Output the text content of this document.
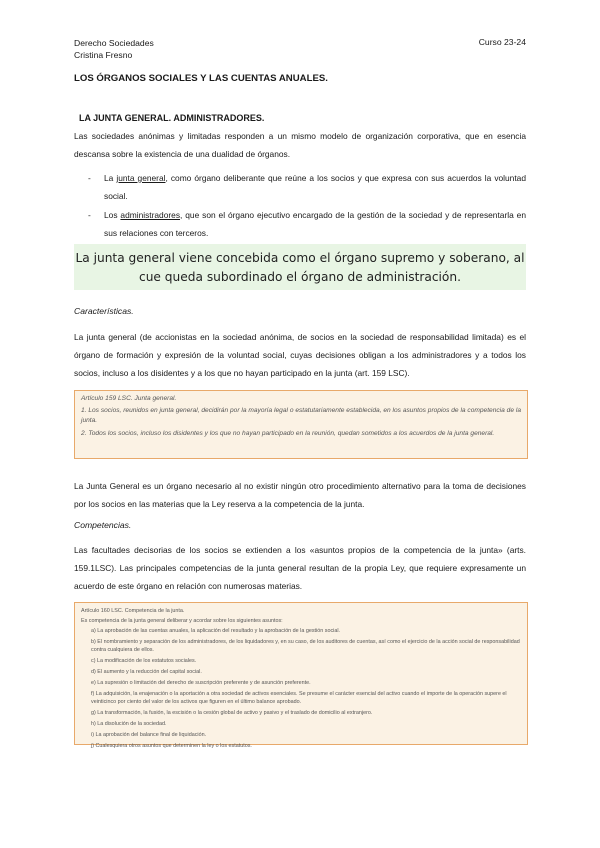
Derecho Sociedades
Cristina Fresno
Curso 23-24
LOS ÓRGANOS SOCIALES Y LAS CUENTAS ANUALES.
LA JUNTA GENERAL. ADMINISTRADORES.
Las sociedades anónimas y limitadas responden a un mismo modelo de organización corporativa, que en esencia descansa sobre la existencia de una dualidad de órganos.
-	La junta general, como órgano deliberante que reúne a los socios y que expresa con sus acuerdos la voluntad social.
-	Los administradores, que son el órgano ejecutivo encargado de la gestión de la sociedad y de representarla en sus relaciones con terceros.
La junta general viene concebida como el órgano supremo y soberano, al cue queda subordinado el órgano de administración.
Características.
La junta general (de accionistas en la sociedad anónima, de socios en la sociedad de responsabilidad limitada) es el órgano de formación y expresión de la voluntad social, cuyas decisiones obligan a los administradores y a todos los socios, incluso a los disidentes y a los que no hayan participado en la junta (art. 159 LSC).
Artículo 159 LSC. Junta general.
1. Los socios, reunidos en junta general, decidirán por la mayoría legal o estatutariamente establecida, en los asuntos propios de la competencia de la junta.
2. Todos los socios, incluso los disidentes y los que no hayan participado en la reunión, quedan sometidos a los acuerdos de la junta general.
La Junta General es un órgano necesario al no existir ningún otro procedimiento alternativo para la toma de decisiones por los socios en las materias que la Ley reserva a la competencia de la junta.
Competencias.
Las facultades decisorias de los socios se extienden a los «asuntos propios de la competencia de la junta» (arts. 159.1LSC). Las principales competencias de la junta general resultan de la propia Ley, que requiere expresamente un acuerdo de este órgano en relación con numerosas materias.
Artículo 160 LSC. Competencia de la junta.
Es competencia de la junta general deliberar y acordar sobre los siguientes asuntos:
a) La aprobación de las cuentas anuales, la aplicación del resultado y la aprobación de la gestión social.
b) El nombramiento y separación de los administradores, de los liquidadores y, en su caso, de los auditores de cuentas, así como el ejercicio de la acción social de responsabilidad contra cualquiera de ellos.
c) La modificación de los estatutos sociales.
d) El aumento y la reducción del capital social.
e) La supresión o limitación del derecho de suscripción preferente y de asunción preferente.
f) La adquisición, la enajenación o la aportación a otra sociedad de activos esenciales. Se presume el carácter esencial del activo cuando el importe de la operación supere el veinticinco por ciento del valor de los activos que figuren en el último balance aprobado.
g) La transformación, la fusión, la escisión o la cesión global de activo y pasivo y el traslado de domicilio al extranjero.
h) La disolución de la sociedad.
i) La aprobación del balance final de liquidación.
j) Cualesquiera otros asuntos que determinen la ley o los estatutos.
